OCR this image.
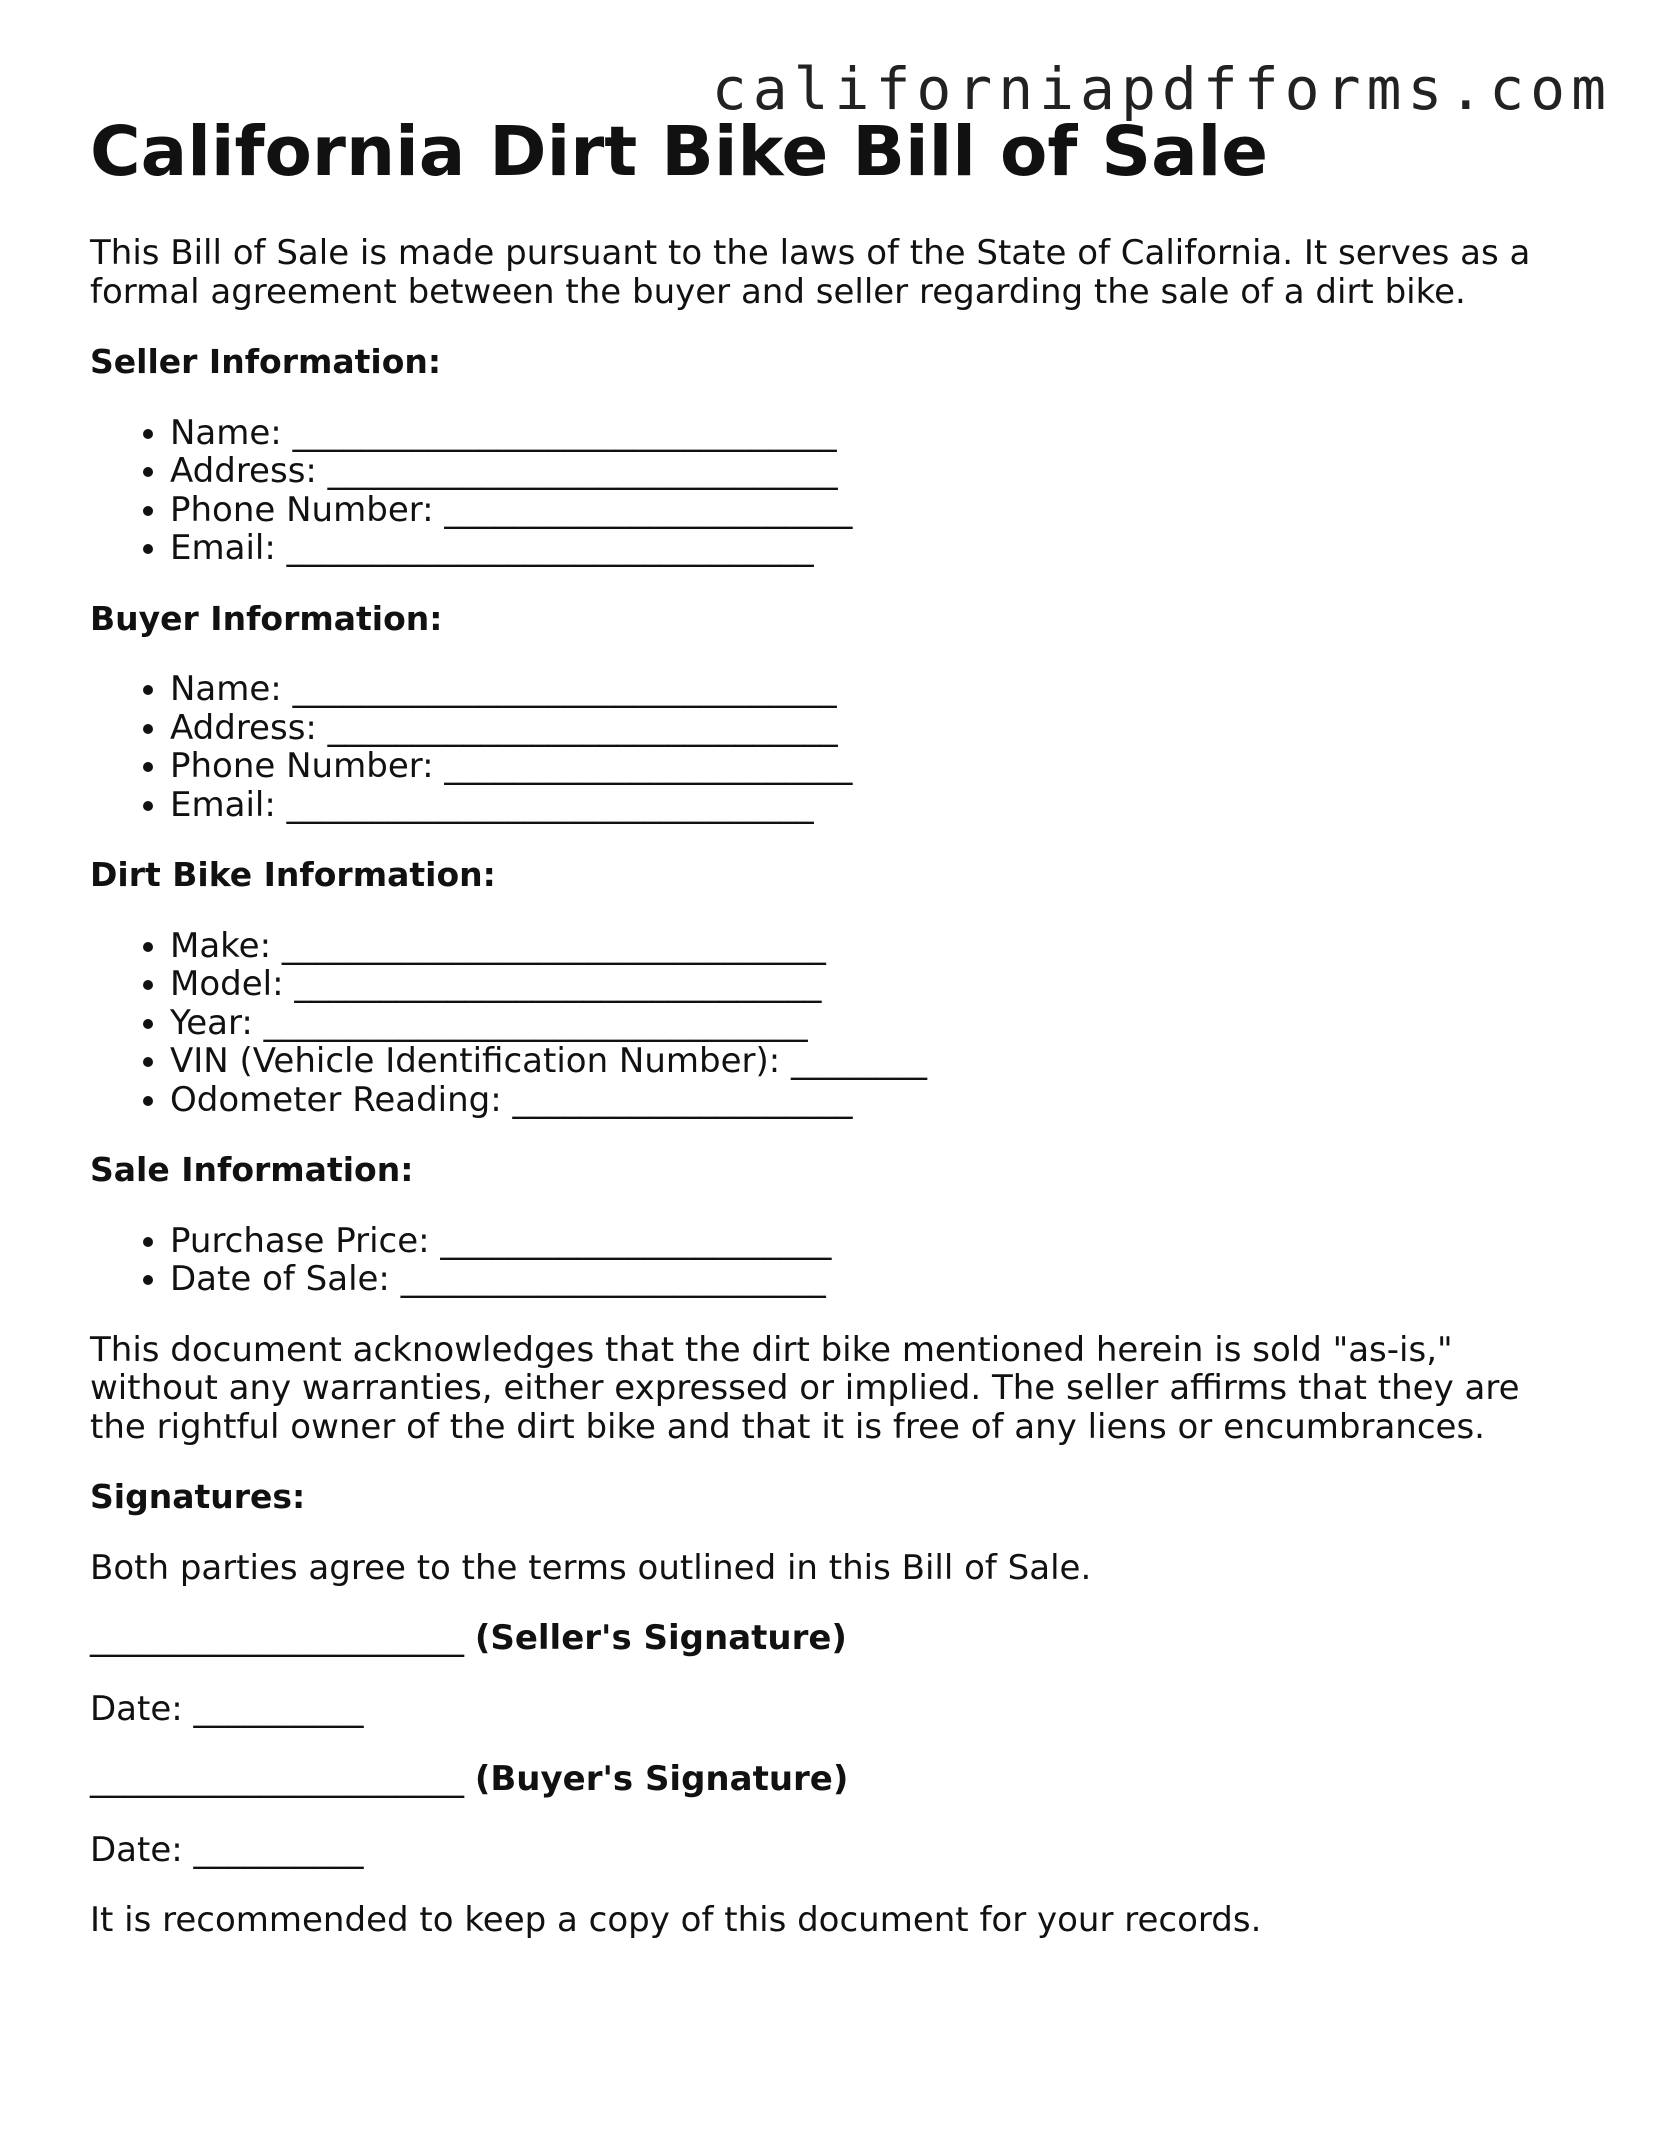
californiapdfforms.com
California Dirt Bike Bill of Sale

This Bill of Sale is made pursuant to the laws of the State of California. It serves as a formal agreement between the buyer and seller regarding the sale of a dirt bike.

Seller Information:
• Name: ________________________________
• Address: ______________________________
• Phone Number: ________________________
• Email: _______________________________
Buyer Information:
• Name: ________________________________
• Address: ______________________________
• Phone Number: ________________________
• Email: _______________________________
Dirt Bike Information:
• Make: ________________________________
• Model: _______________________________
• Year: ________________________________
• VIN (Vehicle Identification Number): ________
• Odometer Reading: ____________________
Sale Information:
• Purchase Price: _______________________
• Date of Sale: _________________________

This document acknowledges that the dirt bike mentioned herein is sold "as-is," without any warranties, either expressed or implied. The seller affirms that they are the rightful owner of the dirt bike and that it is free of any liens or encumbrances.

Signatures:

Both parties agree to the terms outlined in this Bill of Sale.

______________________ (Seller's Signature)

Date: __________

______________________ (Buyer's Signature)

Date: __________

It is recommended to keep a copy of this document for your records.
